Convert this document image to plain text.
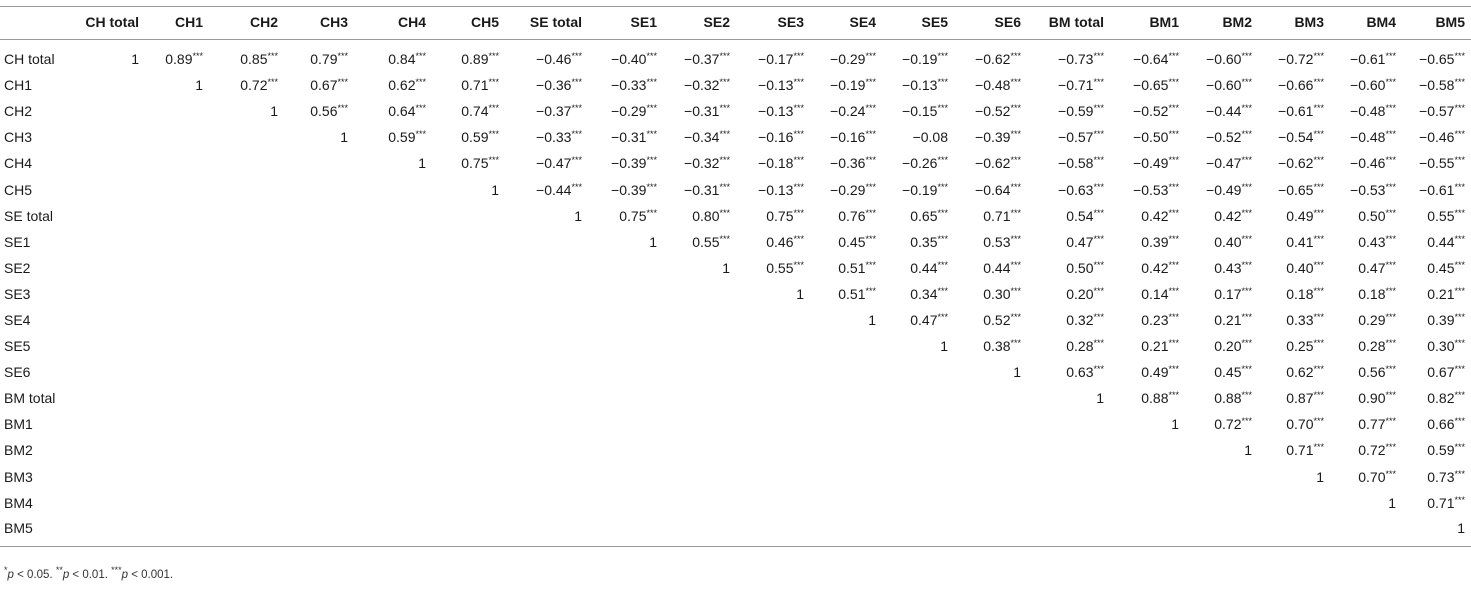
	CH total	CH1	CH2	CH3	CH4	CH5	SE total	SE1	SE2	SE3	SE4	SE5	SE6	BM total	BM1	BM2	BM3	BM4	BM5
CH total	1	0.89***	0.85***	0.79***	0.84***	0.89***	−0.46***	−0.40***	−0.37***	−0.17***	−0.29***	−0.19***	−0.62***	−0.73***	−0.64***	−0.60***	−0.72***	−0.61***	−0.65***
CH1		1	0.72***	0.67***	0.62***	0.71***	−0.36***	−0.33***	−0.32***	−0.13***	−0.19***	−0.13***	−0.48***	−0.71***	−0.65***	−0.60***	−0.66***	−0.60***	−0.58***
CH2			1	0.56***	0.64***	0.74***	−0.37***	−0.29***	−0.31***	−0.13***	−0.24***	−0.15***	−0.52***	−0.59***	−0.52***	−0.44***	−0.61***	−0.48***	−0.57***
CH3				1	0.59***	0.59***	−0.33***	−0.31***	−0.34***	−0.16***	−0.16***	−0.08	−0.39***	−0.57***	−0.50***	−0.52***	−0.54***	−0.48***	−0.46***
CH4					1	0.75***	−0.47***	−0.39***	−0.32***	−0.18***	−0.36***	−0.26***	−0.62***	−0.58***	−0.49***	−0.47***	−0.62***	−0.46***	−0.55***
CH5						1	−0.44***	−0.39***	−0.31***	−0.13***	−0.29***	−0.19***	−0.64***	−0.63***	−0.53***	−0.49***	−0.65***	−0.53***	−0.61***
SE total							1	0.75***	0.80***	0.75***	0.76***	0.65***	0.71***	0.54***	0.42***	0.42***	0.49***	0.50***	0.55***
SE1								1	0.55***	0.46***	0.45***	0.35***	0.53***	0.47***	0.39***	0.40***	0.41***	0.43***	0.44***
SE2									1	0.55***	0.51***	0.44***	0.44***	0.50***	0.42***	0.43***	0.40***	0.47***	0.45***
SE3										1	0.51***	0.34***	0.30***	0.20***	0.14***	0.17***	0.18***	0.18***	0.21***
SE4											1	0.47***	0.52***	0.32***	0.23***	0.21***	0.33***	0.29***	0.39***
SE5												1	0.38***	0.28***	0.21***	0.20***	0.25***	0.28***	0.30***
SE6													1	0.63***	0.49***	0.45***	0.62***	0.56***	0.67***
BM total														1	0.88***	0.88***	0.87***	0.90***	0.82***
BM1															1	0.72***	0.70***	0.77***	0.66***
BM2																1	0.71***	0.72***	0.59***
BM3																	1	0.70***	0.73***
BM4																		1	0.71***
BM5																			1
*p < 0.05. **p < 0.01. ***p < 0.001.
